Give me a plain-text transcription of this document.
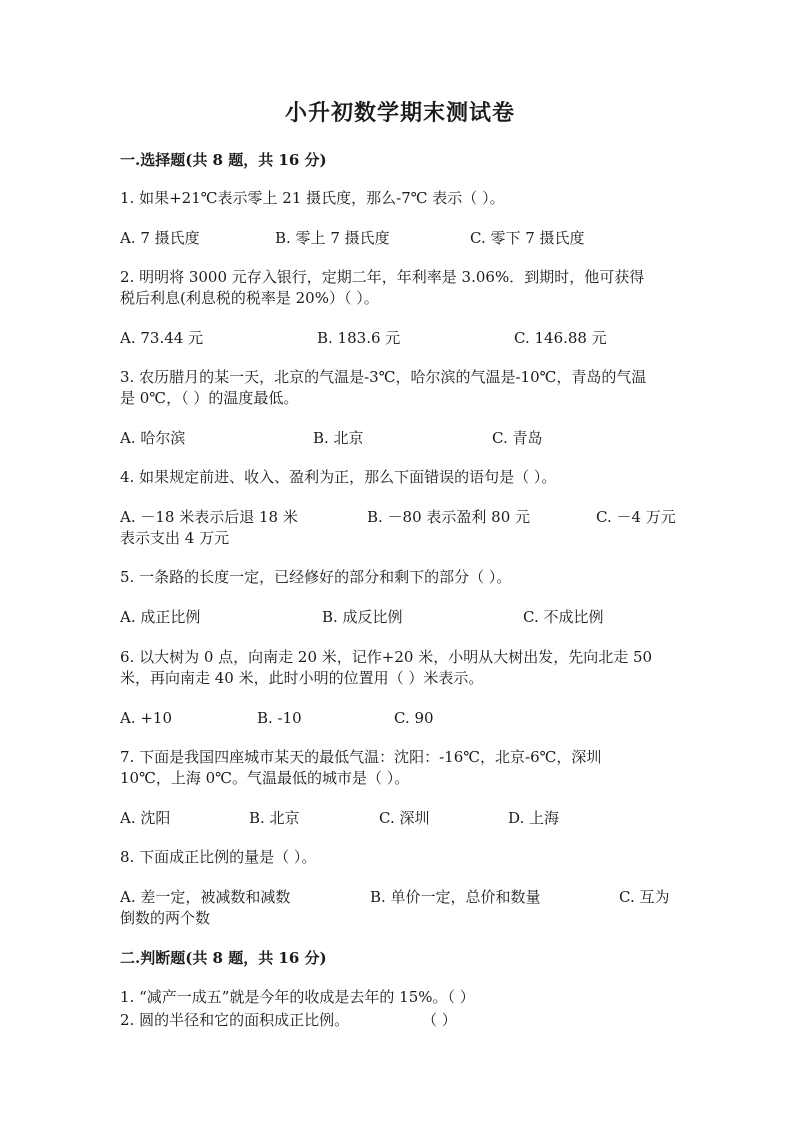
小升初数学期末测试卷
一.选择题(共 8 题，共 16 分)
1. 如果+21℃表示零上 21 摄氏度，那么-7℃ 表示（ ）。
A. 7 摄氏度	B. 零上 7 摄氏度	C. 零下 7 摄氏度
2. 明明将 3000 元存入银行，定期二年，年利率是 3.06%．到期时，他可获得
税后利息(利息税的税率是 20%）（ ）。
A. 73.44 元	B. 183.6 元	C. 146.88 元
3. 农历腊月的某一天，北京的气温是-3℃，哈尔滨的气温是-10℃，青岛的气温
是 0℃，（ ）的温度最低。
A. 哈尔滨	B. 北京	C. 青岛
4. 如果规定前进、收入、盈利为正，那么下面错误的语句是（ ）。
A. －18 米表示后退 18 米	B. －80 表示盈利 80 元	C. －4 万元
表示支出 4 万元
5. 一条路的长度一定，已经修好的部分和剩下的部分（ ）。
A. 成正比例	B. 成反比例	C. 不成比例
6. 以大树为 0 点，向南走 20 米，记作+20 米，小明从大树出发，先向北走 50
米，再向南走 40 米，此时小明的位置用（ ）米表示。
A. +10	B. -10	C. 90
7. 下面是我国四座城市某天的最低气温：沈阳：-16℃，北京-6℃，深圳
10℃，上海 0℃。气温最低的城市是（ ）。
A. 沈阳	B. 北京	C. 深圳	D. 上海
8. 下面成正比例的量是（ ）。
A. 差一定，被减数和减数	B. 单价一定，总价和数量	C. 互为
倒数的两个数
二.判断题(共 8 题，共 16 分)
1. “减产一成五”就是今年的收成是去年的 15%。（ ）
2. 圆的半径和它的面积成正比例。	（ ）
